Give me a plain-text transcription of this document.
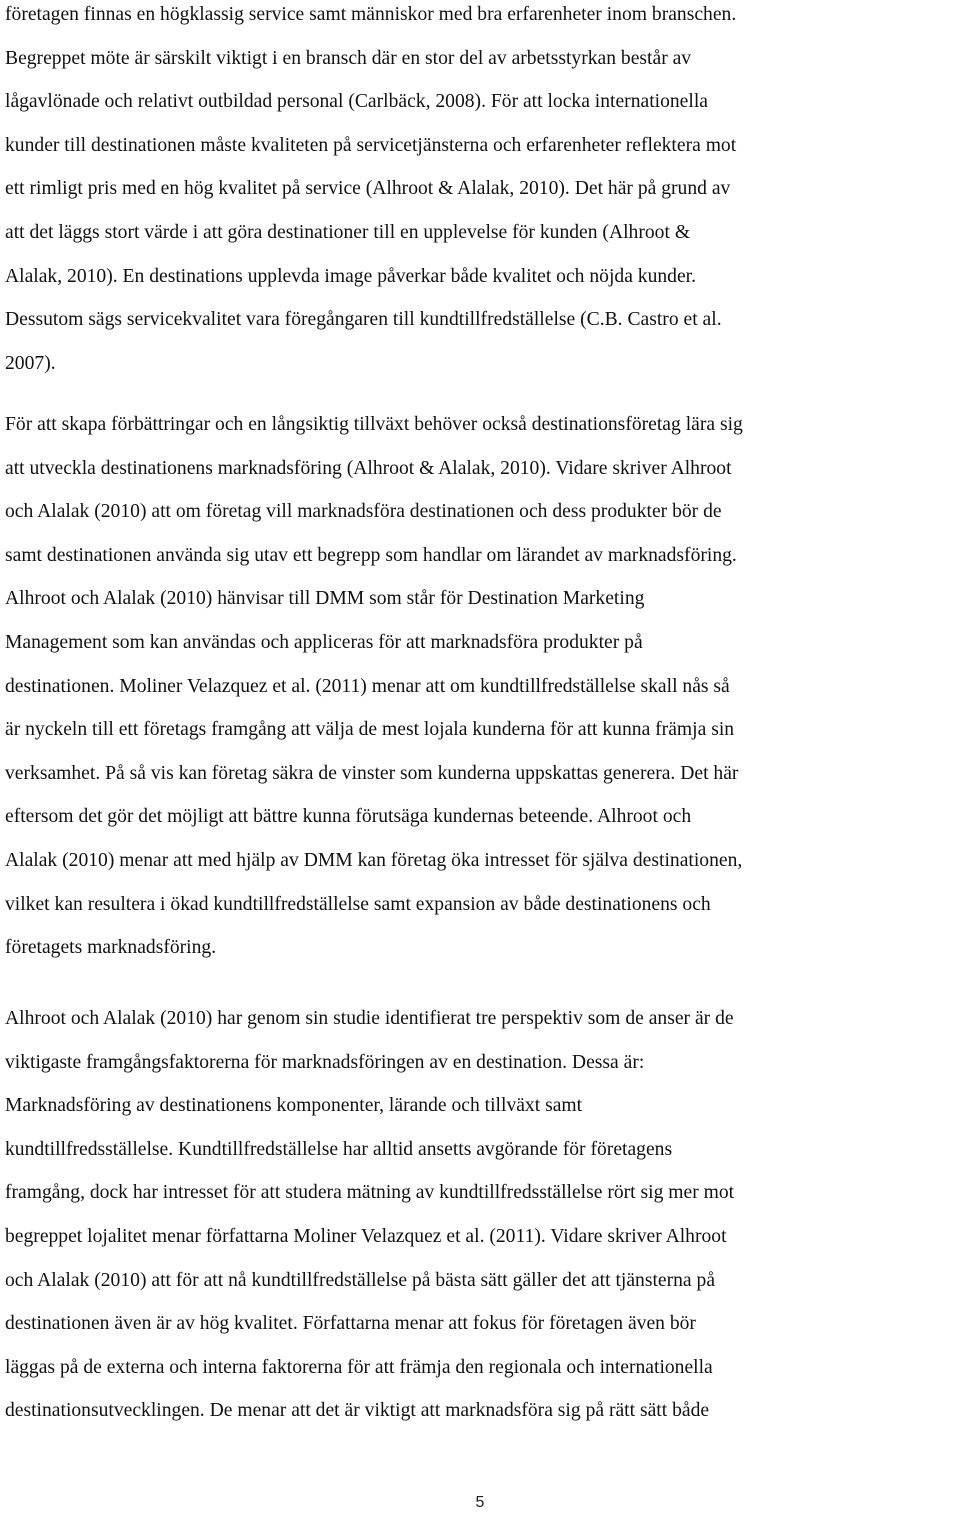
företagen finnas en högklassig service samt människor med bra erfarenheter inom branschen.
Begreppet möte är särskilt viktigt i en bransch där en stor del av arbetsstyrkan består av
lågavlönade och relativt outbildad personal (Carlbäck, 2008). För att locka internationella
kunder till destinationen måste kvaliteten på servicetjänsterna och erfarenheter reflektera mot
ett rimligt pris med en hög kvalitet på service (Alhroot & Alalak, 2010). Det här på grund av
att det läggs stort värde i att göra destinationer till en upplevelse för kunden (Alhroot &
Alalak, 2010). En destinations upplevda image påverkar både kvalitet och nöjda kunder.
Dessutom sägs servicekvalitet vara föregångaren till kundtillfredställelse (C.B. Castro et al.
2007).
För att skapa förbättringar och en långsiktig tillväxt behöver också destinationsföretag lära sig
att utveckla destinationens marknadsföring (Alhroot & Alalak, 2010). Vidare skriver Alhroot
och Alalak (2010) att om företag vill marknadsföra destinationen och dess produkter bör de
samt destinationen använda sig utav ett begrepp som handlar om lärandet av marknadsföring.
Alhroot och Alalak (2010) hänvisar till DMM som står för Destination Marketing
Management som kan användas och appliceras för att marknadsföra produkter på
destinationen. Moliner Velazquez et al. (2011) menar att om kundtillfredställelse skall nås så
är nyckeln till ett företags framgång att välja de mest lojala kunderna för att kunna främja sin
verksamhet. På så vis kan företag säkra de vinster som kunderna uppskattas generera. Det här
eftersom det gör det möjligt att bättre kunna förutsäga kundernas beteende. Alhroot och
Alalak (2010) menar att med hjälp av DMM kan företag öka intresset för själva destinationen,
vilket kan resultera i ökad kundtillfredställelse samt expansion av både destinationens och
företagets marknadsföring.
Alhroot och Alalak (2010) har genom sin studie identifierat tre perspektiv som de anser är de
viktigaste framgångsfaktorerna för marknadsföringen av en destination. Dessa är:
Marknadsföring av destinationens komponenter, lärande och tillväxt samt
kundtillfredsställelse. Kundtillfredställelse har alltid ansetts avgörande för företagens
framgång, dock har intresset för att studera mätning av kundtillfredsställelse rört sig mer mot
begreppet lojalitet menar författarna Moliner Velazquez et al. (2011). Vidare skriver Alhroot
och Alalak (2010) att för att nå kundtillfredställelse på bästa sätt gäller det att tjänsterna på
destinationen även är av hög kvalitet. Författarna menar att fokus för företagen även bör
läggas på de externa och interna faktorerna för att främja den regionala och internationella
destinationsutvecklingen. De menar att det är viktigt att marknadsföra sig på rätt sätt både
5
